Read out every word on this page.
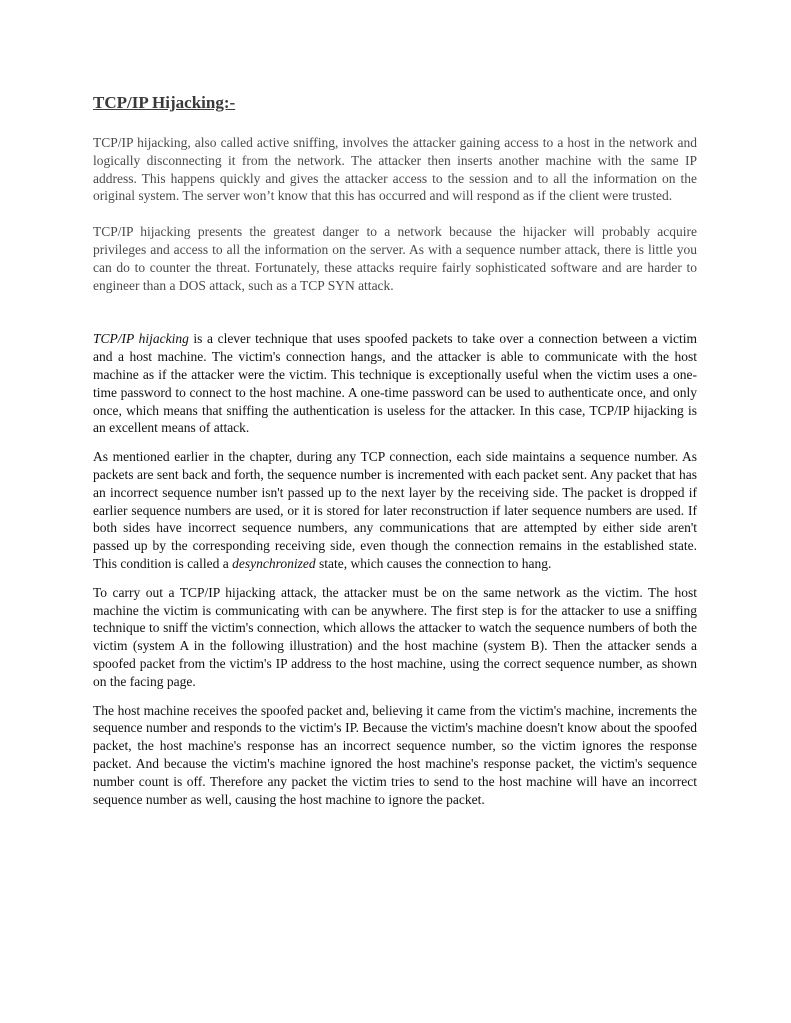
TCP/IP Hijacking:-

TCP/IP hijacking, also called active sniffing, involves the attacker gaining access to a host in the network and logically disconnecting it from the network. The attacker then inserts another machine with the same IP address. This happens quickly and gives the attacker access to the session and to all the information on the original system. The server won’t know that this has occurred and will respond as if the client were trusted.

TCP/IP hijacking presents the greatest danger to a network because the hijacker will probably acquire privileges and access to all the information on the server. As with a sequence number attack, there is little you can do to counter the threat. Fortunately, these attacks require fairly sophisticated software and are harder to engineer than a DOS attack, such as a TCP SYN attack.

TCP/IP hijacking is a clever technique that uses spoofed packets to take over a connection between a victim and a host machine. The victim's connection hangs, and the attacker is able to communicate with the host machine as if the attacker were the victim. This technique is exceptionally useful when the victim uses a one-time password to connect to the host machine. A one-time password can be used to authenticate once, and only once, which means that sniffing the authentication is useless for the attacker. In this case, TCP/IP hijacking is an excellent means of attack.

As mentioned earlier in the chapter, during any TCP connection, each side maintains a sequence number. As packets are sent back and forth, the sequence number is incremented with each packet sent. Any packet that has an incorrect sequence number isn't passed up to the next layer by the receiving side. The packet is dropped if earlier sequence numbers are used, or it is stored for later reconstruction if later sequence numbers are used. If both sides have incorrect sequence numbers, any communications that are attempted by either side aren't passed up by the corresponding receiving side, even though the connection remains in the established state. This condition is called a desynchronized state, which causes the connection to hang.

To carry out a TCP/IP hijacking attack, the attacker must be on the same network as the victim. The host machine the victim is communicating with can be anywhere. The first step is for the attacker to use a sniffing technique to sniff the victim's connection, which allows the attacker to watch the sequence numbers of both the victim (system A in the following illustration) and the host machine (system B). Then the attacker sends a spoofed packet from the victim's IP address to the host machine, using the correct sequence number, as shown on the facing page.

The host machine receives the spoofed packet and, believing it came from the victim's machine, increments the sequence number and responds to the victim's IP. Because the victim's machine doesn't know about the spoofed packet, the host machine's response has an incorrect sequence number, so the victim ignores the response packet. And because the victim's machine ignored the host machine's response packet, the victim's sequence number count is off. Therefore any packet the victim tries to send to the host machine will have an incorrect sequence number as well, causing the host machine to ignore the packet.
